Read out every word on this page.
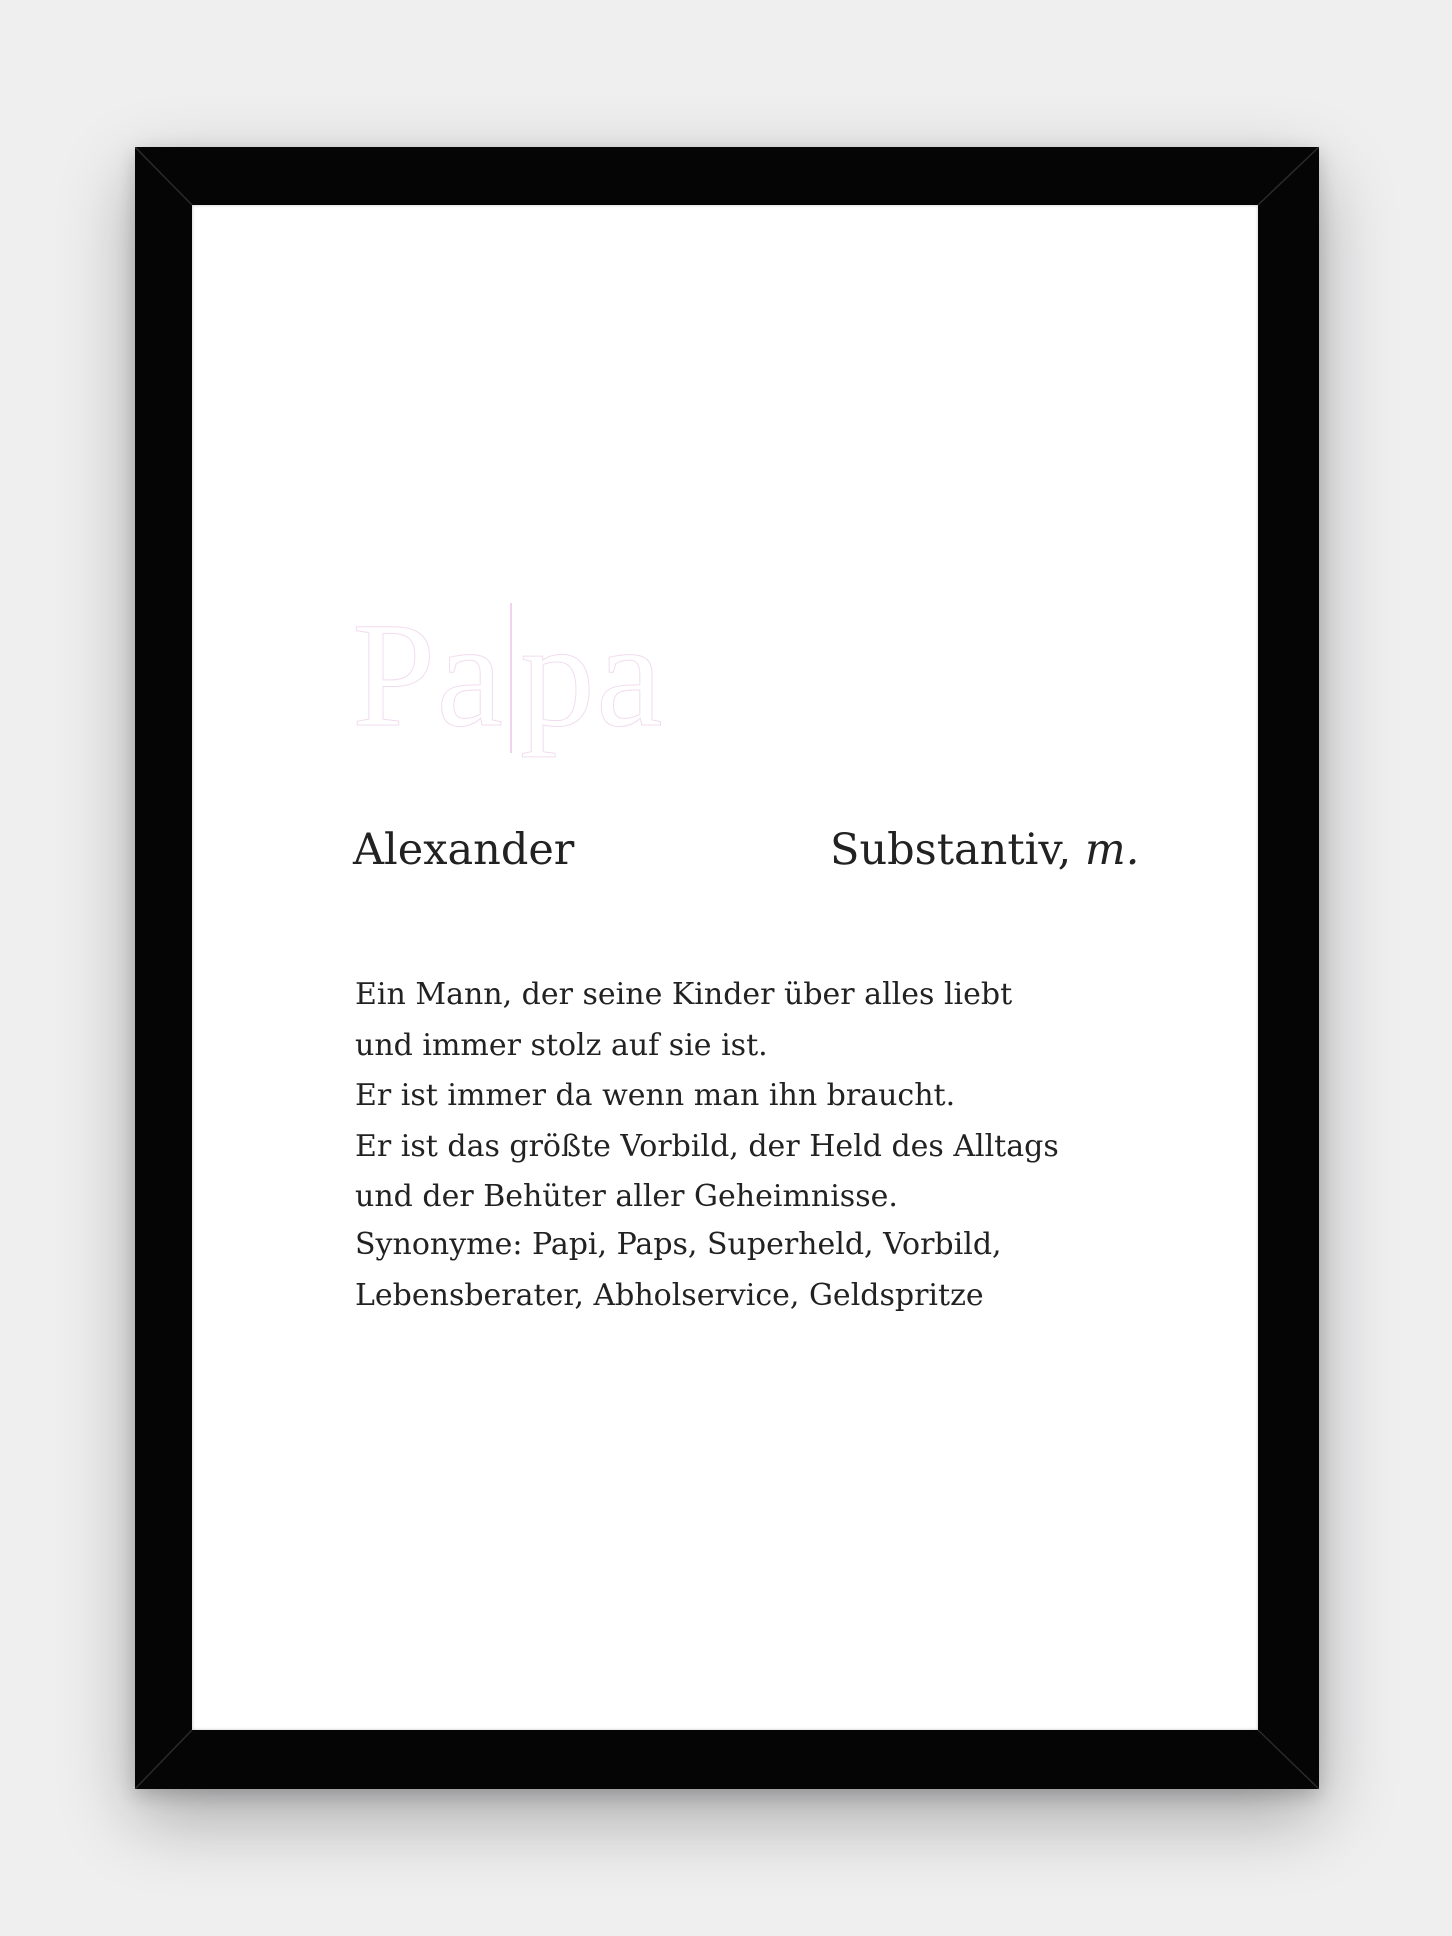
Pa pa
Alexander	Substantiv, m.
Ein Mann, der seine Kinder über alles liebt
und immer stolz auf sie ist.
Er ist immer da wenn man ihn braucht.
Er ist das größte Vorbild, der Held des Alltags
und der Behüter aller Geheimnisse.
Synonyme: Papi, Paps, Superheld, Vorbild,
Lebensberater, Abholservice, Geldspritze
